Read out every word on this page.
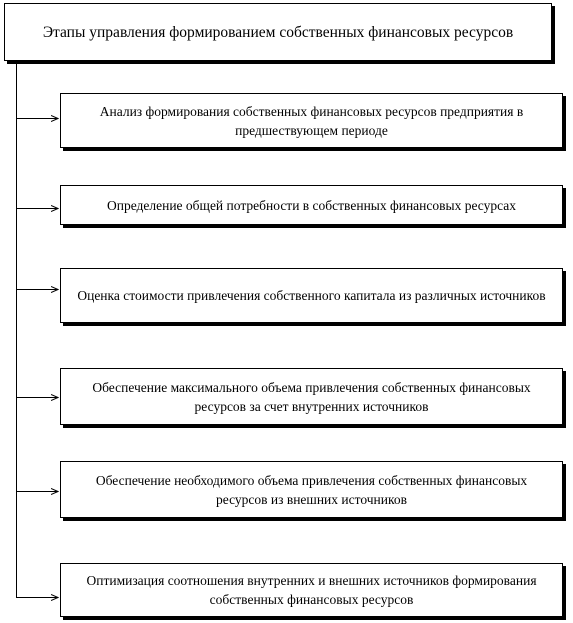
Этапы управления формированием собственных финансовых ресурсов
Анализ формирования собственных финансовых ресурсов предприятия в предшествующем периоде
Определение общей потребности в собственных финансовых ресурсах
Оценка стоимости привлечения собственного капитала из различных источников
Обеспечение максимального объема привлечения собственных финансовых ресурсов за счет внутренних источников
Обеспечение необходимого объема привлечения собственных финансовых ресурсов из внешних источников
Оптимизация соотношения внутренних и внешних источников формирования собственных финансовых ресурсов
